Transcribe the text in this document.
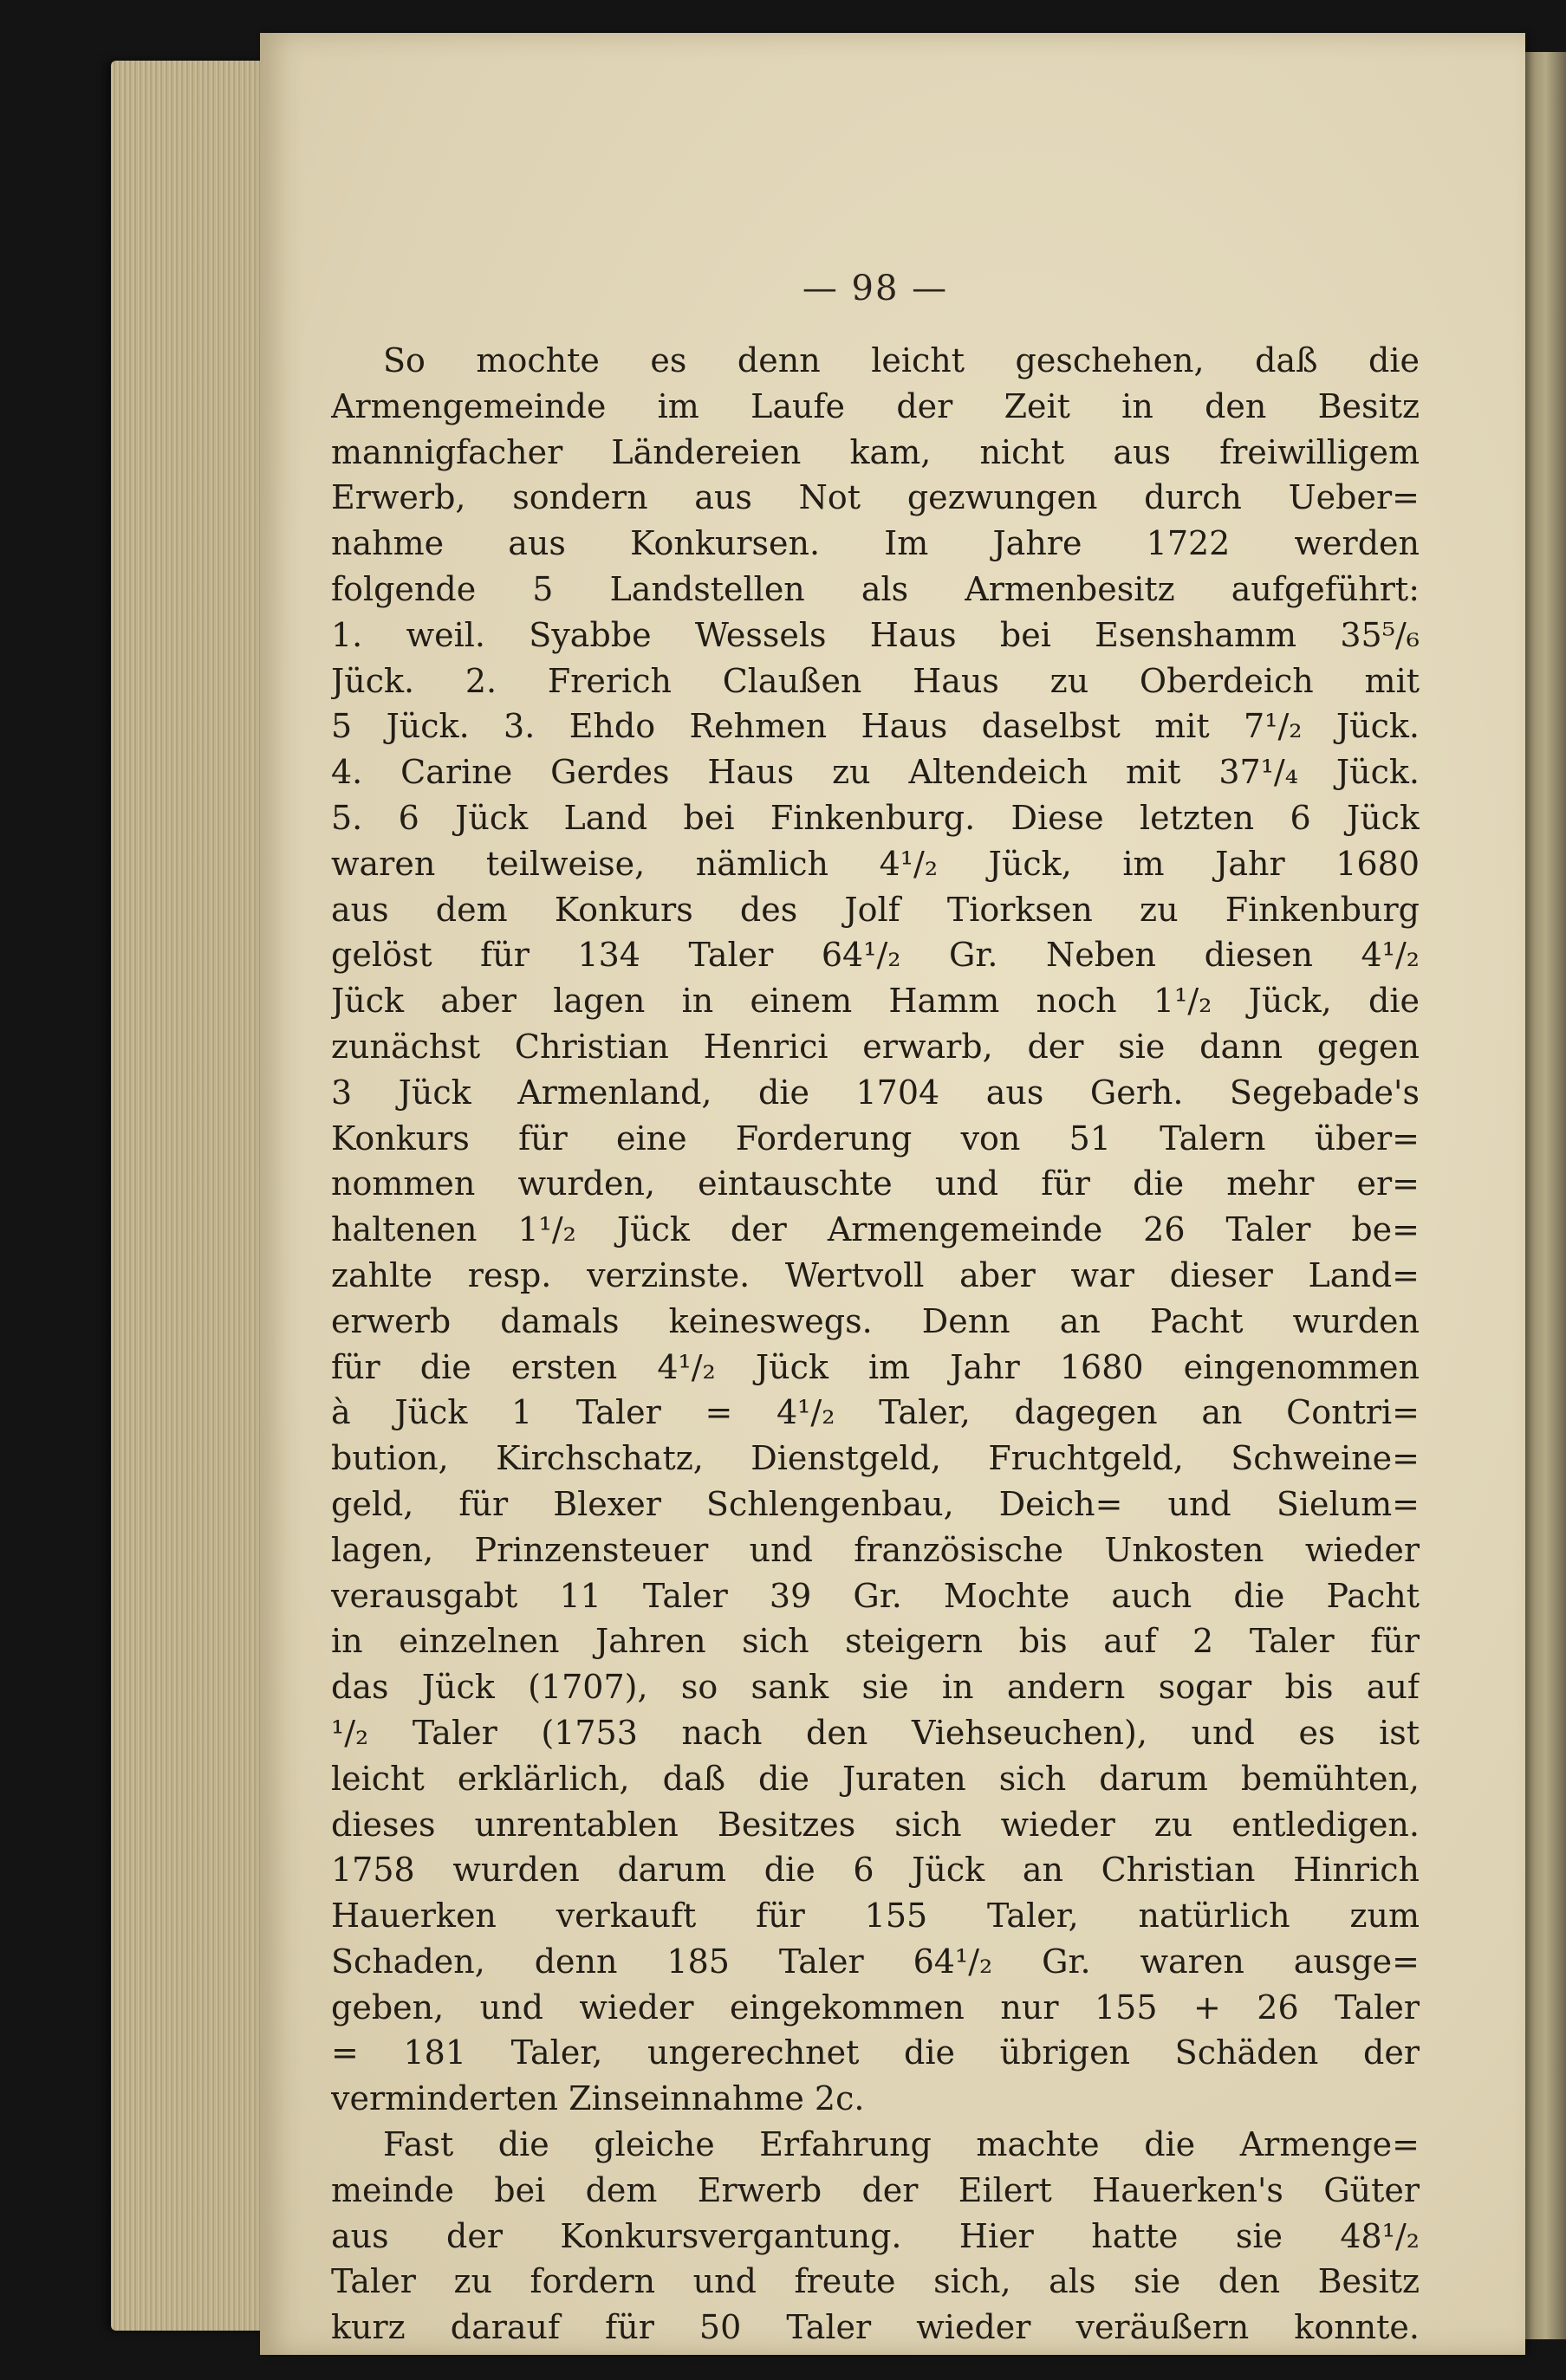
— 98 —
So mochte es denn leicht geschehen, daß die
Armengemeinde im Laufe der Zeit in den Besitz
mannigfacher Ländereien kam, nicht aus freiwilligem
Erwerb, sondern aus Not gezwungen durch Ueber=
nahme aus Konkursen. Im Jahre 1722 werden
folgende 5 Landstellen als Armenbesitz aufgeführt:
1. weil. Syabbe Wessels Haus bei Esenshamm 35⁵/₆
Jück. 2. Frerich Claußen Haus zu Oberdeich mit
5 Jück. 3. Ehdo Rehmen Haus daselbst mit 7¹/₂ Jück.
4. Carine Gerdes Haus zu Altendeich mit 37¹/₄ Jück.
5. 6 Jück Land bei Finkenburg. Diese letzten 6 Jück
waren teilweise, nämlich 4¹/₂ Jück, im Jahr 1680
aus dem Konkurs des Jolf Tiorksen zu Finkenburg
gelöst für 134 Taler 64¹/₂ Gr. Neben diesen 4¹/₂
Jück aber lagen in einem Hamm noch 1¹/₂ Jück, die
zunächst Christian Henrici erwarb, der sie dann gegen
3 Jück Armenland, die 1704 aus Gerh. Segebade's
Konkurs für eine Forderung von 51 Talern über=
nommen wurden, eintauschte und für die mehr er=
haltenen 1¹/₂ Jück der Armengemeinde 26 Taler be=
zahlte resp. verzinste. Wertvoll aber war dieser Land=
erwerb damals keineswegs. Denn an Pacht wurden
für die ersten 4¹/₂ Jück im Jahr 1680 eingenommen
à Jück 1 Taler = 4¹/₂ Taler, dagegen an Contri=
bution, Kirchschatz, Dienstgeld, Fruchtgeld, Schweine=
geld, für Blexer Schlengenbau, Deich= und Sielum=
lagen, Prinzensteuer und französische Unkosten wieder
verausgabt 11 Taler 39 Gr. Mochte auch die Pacht
in einzelnen Jahren sich steigern bis auf 2 Taler für
das Jück (1707), so sank sie in andern sogar bis auf
¹/₂ Taler (1753 nach den Viehseuchen), und es ist
leicht erklärlich, daß die Juraten sich darum bemühten,
dieses unrentablen Besitzes sich wieder zu entledigen.
1758 wurden darum die 6 Jück an Christian Hinrich
Hauerken verkauft für 155 Taler, natürlich zum
Schaden, denn 185 Taler 64¹/₂ Gr. waren ausge=
geben, und wieder eingekommen nur 155 + 26 Taler
= 181 Taler, ungerechnet die übrigen Schäden der
verminderten Zinseinnahme 2c.
Fast die gleiche Erfahrung machte die Armenge=
meinde bei dem Erwerb der Eilert Hauerken's Güter
aus der Konkursvergantung. Hier hatte sie 48¹/₂
Taler zu fordern und freute sich, als sie den Besitz
kurz darauf für 50 Taler wieder veräußern konnte.
